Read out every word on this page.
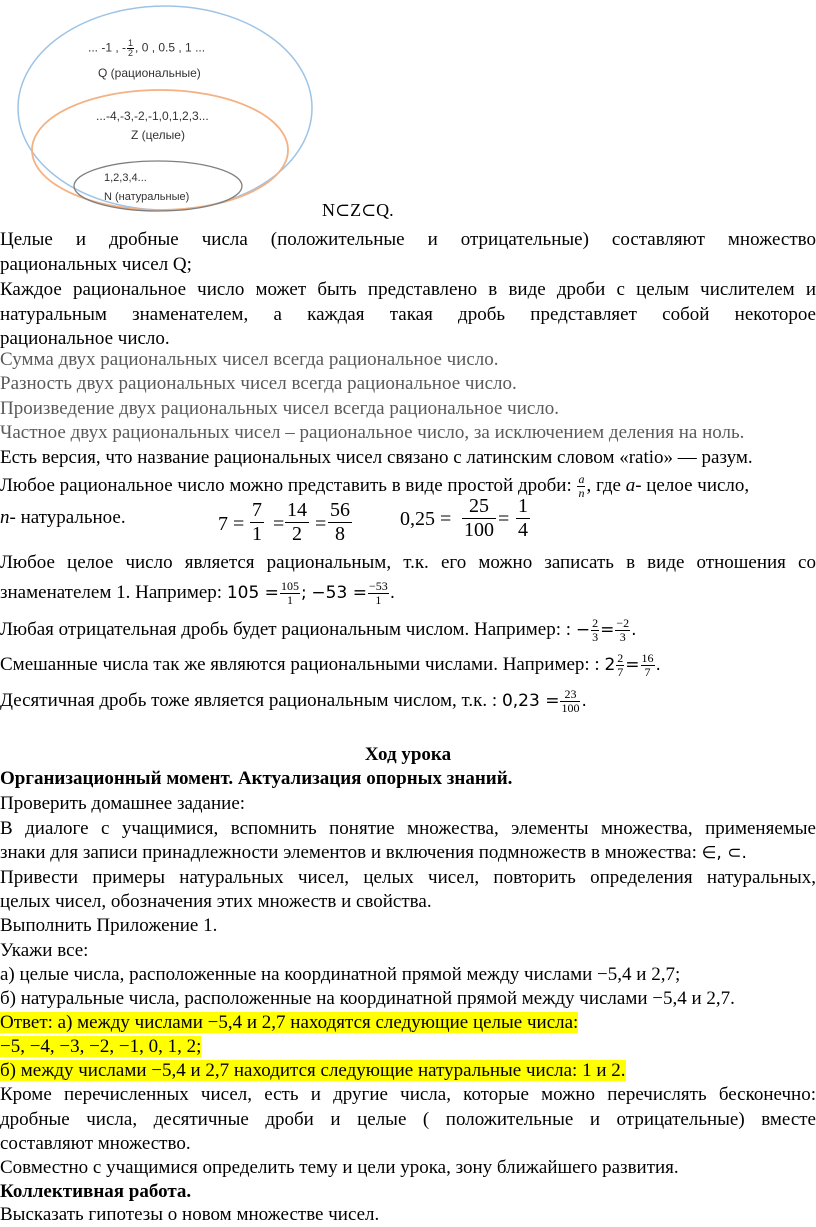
... -1 , - $\frac{1}{2}$ , 0 , 0.5 , 1 ...
Q (рациональные)
...-4,-3,-2,-1,0,1,2,3...
Z (целые)
1,2,3,4...
N (натуральные)
N⊂Z⊂Q.
Целые и дробные числа (положительные и отрицательные) составляют множество
рациональных чисел Q;
Каждое рациональное число может быть представлено в виде дроби с целым числителем и
натуральным знаменателем, а каждая такая дробь представляет собой некоторое
рациональное число.
Сумма двух рациональных чисел всегда рациональное число.
Разность двух рациональных чисел всегда рациональное число.
Произведение двух рациональных чисел всегда рациональное число.
Частное двух рациональных чисел – рациональное число, за исключением деления на ноль.
Есть версия, что название рациональных чисел связано с латинским словом «ratio» — разум.
Любое рациональное число можно представить в виде простой дроби: $\frac{a}{n}$ , где a- целое число,
n- натуральное.	7 =
7
1 =
14
2 =
56
8
0,25 =
25
100 =
1
4
Любое целое число является рациональным, т.к. его можно записать в виде отношения со
знаменателем 1. Например: $105 = \frac{105}{1}$ ; $-53 = \frac{-53}{1}$ .
Любая отрицательная дробь будет рациональным числом. Например: : − $\frac{2}{3} = \frac{-2}{3}$ .
Смешанные числа так же являются рациональными числами. Например: : $2 \frac{2}{7} = \frac{16}{7}$ .
Десятичная дробь тоже является рациональным числом, т.к. : $0,23 = \frac{23}{100}$ .
Ход урока
Организационный момент. Актуализация опорных знаний.
Проверить домашнее задание:
В диалоге с учащимися, вспомнить понятие множества, элементы множества, применяемые
знаки для записи принадлежности элементов и включения подмножеств в множества: ∈, ⊂.
Привести примеры натуральных чисел, целых чисел, повторить определения натуральных,
целых чисел, обозначения этих множеств и свойства.
Выполнить Приложение 1.
Укажи все:
а) целые числа, расположенные на координатной прямой между числами −5,4 и 2,7;
б) натуральные числа, расположенные на координатной прямой между числами −5,4 и 2,7.
Ответ: а) между числами −5,4 и 2,7 находятся следующие целые числа:
−5, −4, −3, −2, −1, 0, 1, 2;
б) между числами −5,4 и 2,7 находится следующие натуральные числа: 1 и 2.
Кроме перечисленных чисел, есть и другие числа, которые можно перечислять бесконечно:
дробные числа, десятичные дроби и целые ( положительные и отрицательные) вместе
составляют множество.
Совместно с учащимися определить тему и цели урока, зону ближайшего развития.
Коллективная работа.
Высказать гипотезы о новом множестве чисел.
